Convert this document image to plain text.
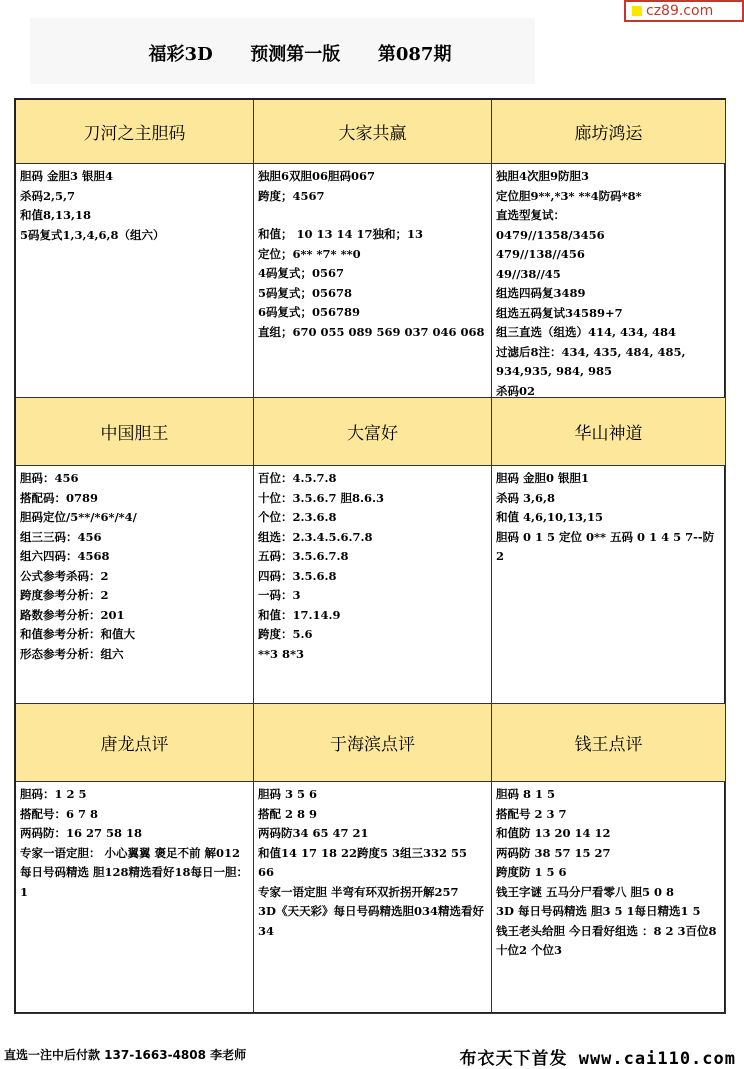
福彩3D      预测第一版      第087期
cz89.com
刀河之主胆码
胆码 金胆3 银胆4
杀码2,5,7
和值8,13,18
5码复式1,3,4,6,8（组六）
大家共赢
独胆6双胆06胆码067
跨度；4567
和值； 10 13 14 17独和；13
定位；6** *7* **0
4码复式；0567
5码复式；05678
6码复式；056789
直组；670 055 089 569 037 046 068
廊坊鸿运
独胆4次胆9防胆3
定位胆9**,*3* **4防码*8*
直选型复试：
0479//1358/3456
479//138//456
49//38//45
组选四码复3489
组选五码复试34589+7
组三直选（组选）414, 434, 484
过滤后8注：434, 435, 484, 485, 934,935, 984, 985
杀码02
中国胆王
胆码：456
搭配码：0789
胆码定位/5**/*6*/*4/
组三三码：456
组六四码：4568
公式参考杀码：2
跨度参考分析：2
路数参考分析：201
和值参考分析：和值大
形态参考分析：组六
大富好
百位：4.5.7.8
十位：3.5.6.7 胆8.6.3
个位：2.3.6.8
组选：2.3.4.5.6.7.8
五码：3.5.6.7.8
四码：3.5.6.8
一码：3
和值：17.14.9
跨度：5.6
**3 8*3
华山神道
胆码 金胆0 银胆1
杀码 3,6,8
和值 4,6,10,13,15
胆码 0 1 5 定位 0** 五码 0 1 4 5 7--防2
唐龙点评
胆码：1 2 5
搭配号：6 7 8
两码防：16 27 58 18
专家一语定胆： 小心翼翼 褒足不前 解012
每日号码精选 胆128精选看好18每日一胆：1
于海滨点评
胆码 3 5 6
搭配 2 8 9
两码防34 65 47 21
和值14 17 18 22跨度5 3组三332 55 66
专家一语定胆 半弯有环双折拐开解257
3D《天天彩》每日号码精选胆034精选看好34
钱王点评
胆码 8 1 5
搭配号 2 3 7
和值防 13 20 14 12
两码防 38 57 15 27
跨度防 1 5 6
钱王字谜 五马分尸看零八 胆5 0 8
3D 每日号码精选 胆3 5 1每日精选1 5
钱王老头给胆 今日看好组选 ：8 2 3百位8 十位2 个位3
直选一注中后付款 137-1663-4808 李老师	布衣天下首发 www.cai110.com
